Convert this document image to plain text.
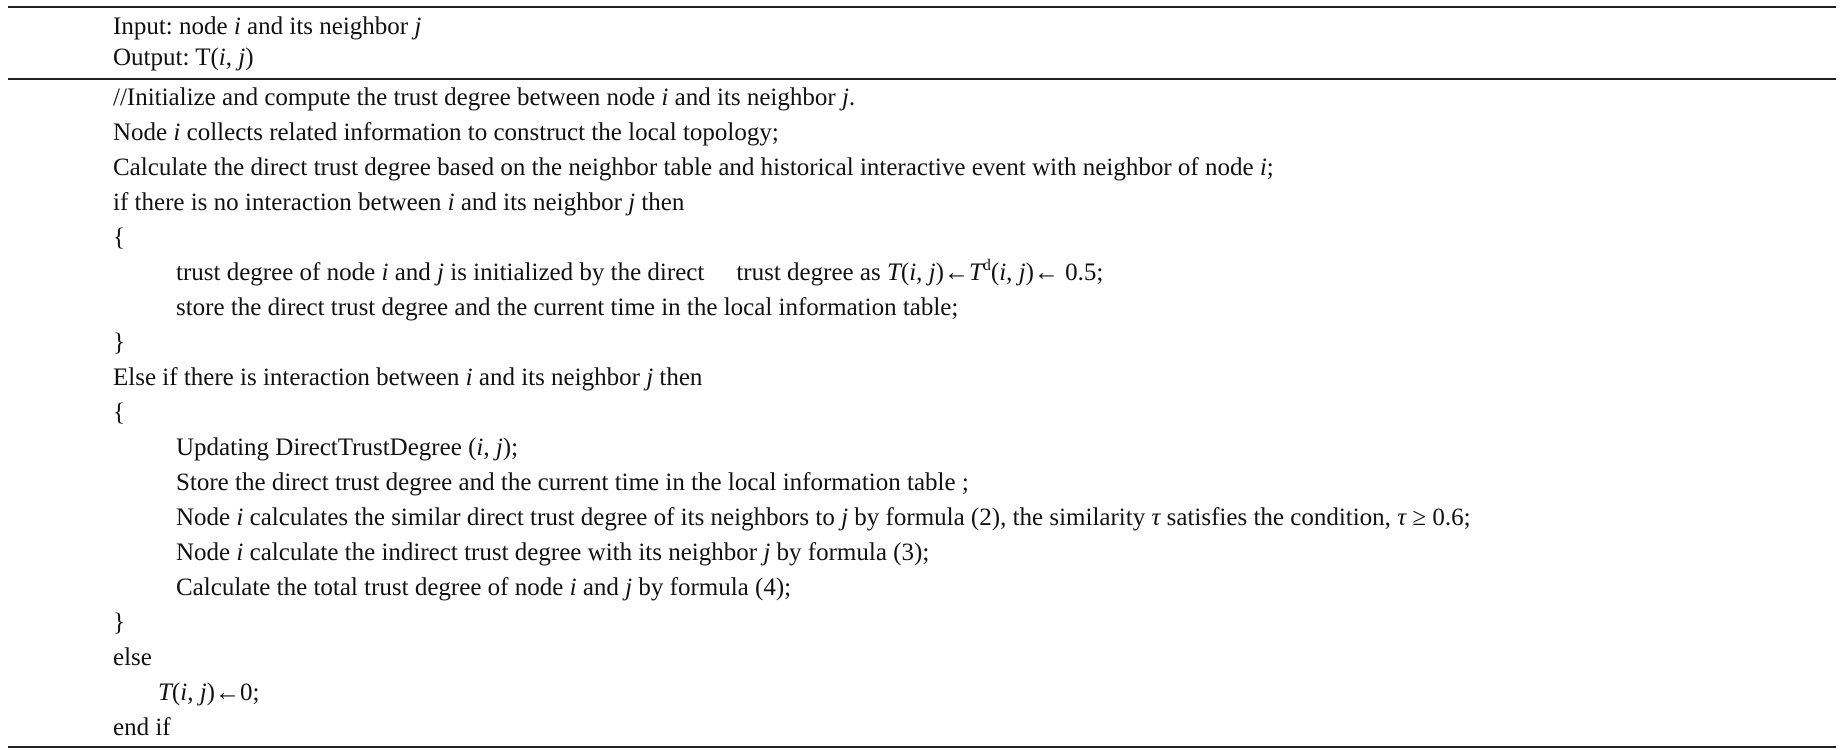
Input: node i and its neighbor j
Output: T(i, j)
//Initialize and compute the trust degree between node i and its neighbor j.
Node i collects related information to construct the local topology;
Calculate the direct trust degree based on the neighbor table and historical interactive event with neighbor of node i;
if there is no interaction between i and its neighbor j then
{
trust degree of node i and j is initialized by the direct trust degree as T(i, $j)\leftarrow T^d(i$, j)← 0.5;
store the direct trust degree and the current time in the local information table;
}
Else if there is interaction between i and its neighbor j then
{
Updating DirectTrustDegree (i, j);
Store the direct trust degree and the current time in the local information table ;
Node i calculates the similar direct trust degree of its neighbors to j by formula (2), the similarity τ satisfies the condition, τ ≥ 0.6;
Node i calculate the indirect trust degree with its neighbor j by formula (3);
Calculate the total trust degree of node i and j by formula (4);
}
else
T(i, j)←0;
end if
